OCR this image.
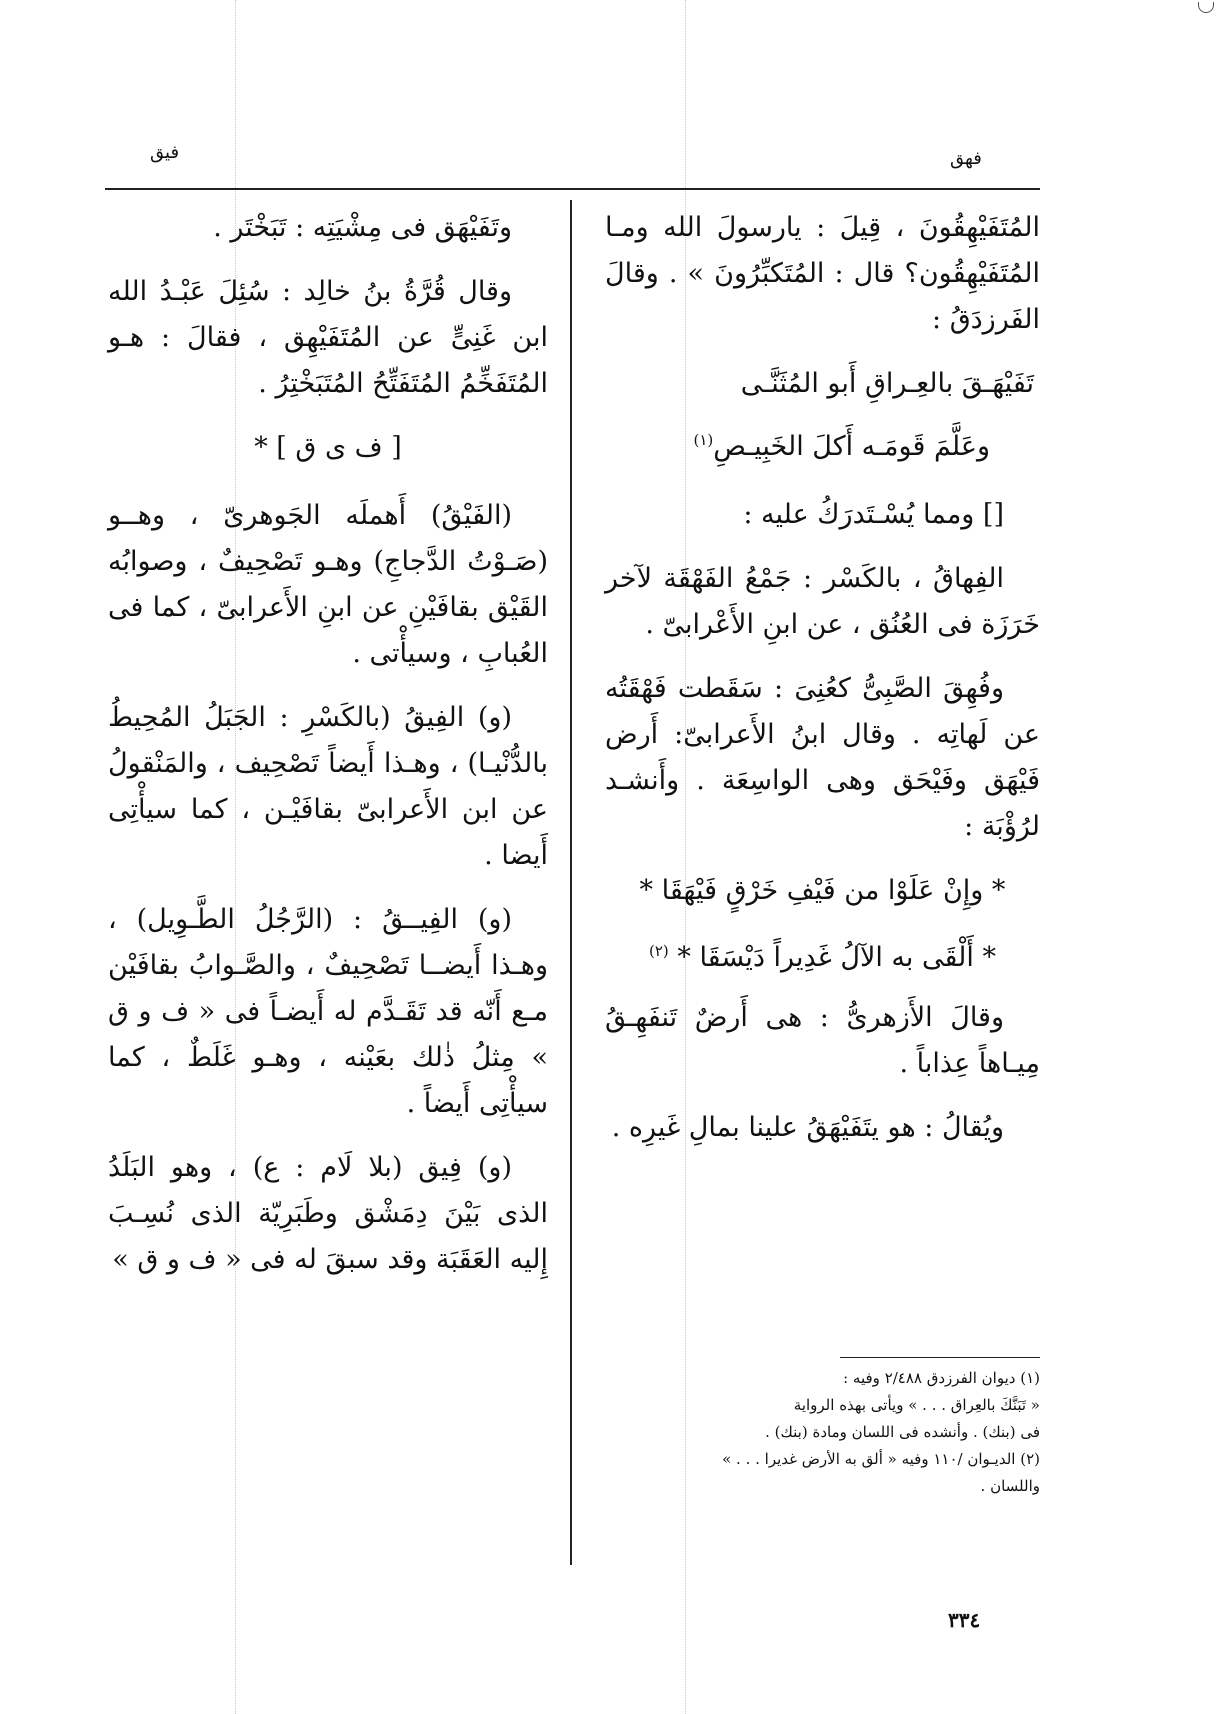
فيق	فهق

المُتَفَيْهِقُونَ ، قِيلَ : يارسولَ الله ومـا المُتَفَيْهِقُون؟ قال : المُتَكبِّرُونَ » . وقالَ الفَرزدَقُ :

تَفَيْهَـقَ بالعِـراقِ أَبو المُثَنَّـى

وعَلَّمَ قَومَـه أَكلَ الخَبِيـصِ$^{(١)}$

[] ومما يُسْـتَدرَكُ عليه :

الفِهاقُ ، بالكَسْر : جَمْعُ الفَهْقَة لآخر خَرَزَة فى العُنُق ، عن ابنِ الأَعْرابىّ .

وفُهِقَ الصَّبِىُّ كعُنِىَ : سَقَطت فَهْقَتُه عن لَهاتِه . وقال ابنُ الأَعرابىّ: أَرض فَيْهَق وفَيْحَق وهى الواسِعَة . وأَنشـد لرُؤْبَة :

* وإِنْ عَلَوْا من فَيْفِ خَرْقٍ فَيْهَقَا *

* أَلْقَى به الآلُ غَدِيراً دَيْسَقَا * $^{(٢)}$

وقالَ الأَزهرىُّ : هى أَرضٌ تَنفَهِـقُ مِيـاهاً عِذاباً .

ويُقالُ : هو يتَفَيْهَقُ علينا بمالِ غَيرِه .

وتَفَيْهَق فى مِشْيَتِه : تَبَخْتَر .

وقال قُرَّةُ بنُ خالِد : سُئِلَ عَبْـدُ الله ابن غَنِىٍّ عن المُتَفَيْهِق ، فقالَ : هـو المُتَفَخِّمُ المُتَفَتِّحُ المُتَبَخْتِرُ .

[ ف ى ق ] *

(الفَيْقُ) أَهملَه الجَوهرىّ ، وهــو (صَـوْتُ الدَّجاجِ) وهـو تَصْحِيفٌ ، وصوابُه القَيْق بقافَيْنِ عن ابنِ الأَعرابىّ ، كما فى العُبابِ ، وسيأْتى .

(و) الفِيقُ (بالكَسْرِ : الجَبَلُ المُحِيطُ بالدُّنْيـا) ، وهـذا أَيضاً تَصْحِيف ، والمَنْقولُ عن ابن الأَعرابىّ بقافَيْـن ، كما سيأْتِى أَيضا .

(و) الفِيــقُ : (الرَّجُلُ الطَّـوِيل) ، وهـذا أَيضــا تَصْحِيفٌ ، والصَّـوابُ بقافَيْن مـع أَنّه قد تَقَـدَّم له أَيضـاً فى « ف و ق » مِثلُ ذٰلك بعَيْنه ، وهـو غَلَطٌ ، كما سيأْتِى أَيضاً .

(و) فِيق (بلا لَام : ع) ، وهو البَلَدُ الذى بَيْنَ دِمَشْق وطَبَرِيّة الذى نُسِـبَ إِليه العَقَبَة وقد سبقَ له فى « ف و ق »

(١) ديوان الفرزدق ٢/٤٨٨ وفيه :

« تَبَنَّكَ بالعِراق . . . » ويأتى بهذه الرواية

فى (بنك) . وأنشده فى اللسان ومادة (بنك) .

(٢) الديـوان /١١٠ وفيه « ألق به الأرض غديرا . . . »

واللسان .

٣٣٤
